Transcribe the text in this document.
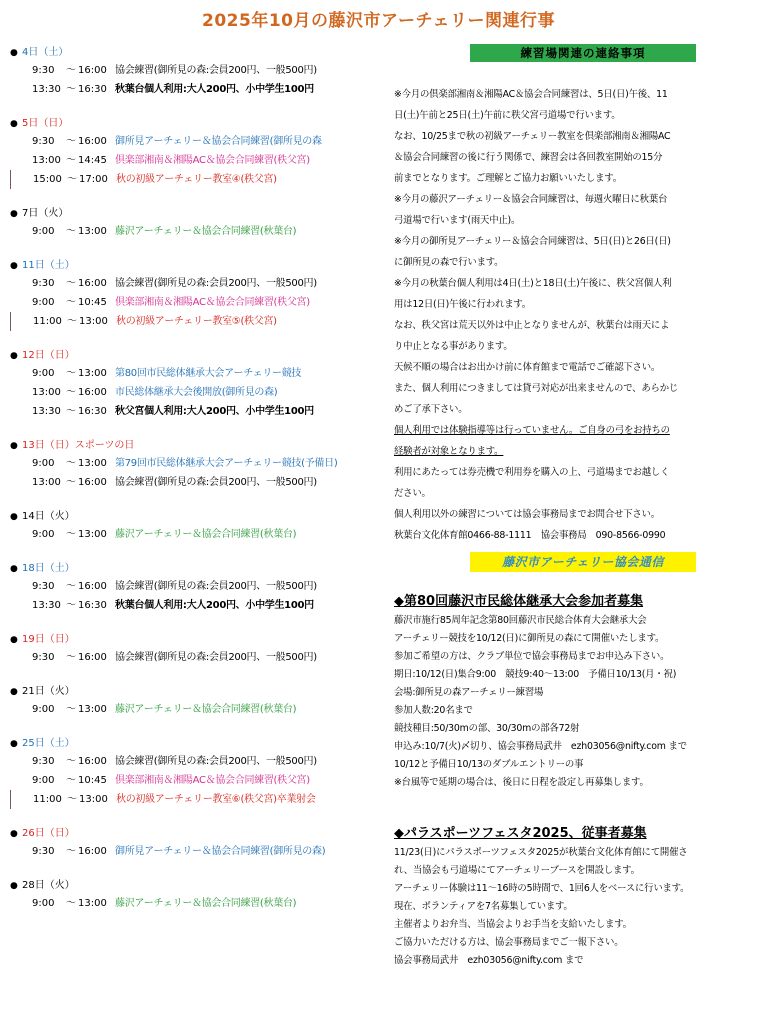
2025年10月の藤沢市アーチェリー関連行事
● 4日（土）
9:30 ～ 16:00 協会練習(御所見の森:会員200円、一般500円)
13:30 ～ 16:30 秋葉台個人利用:大人200円、小中学生100円
● 5日（日）
9:30 ～ 16:00 御所見アーチェリー＆協会合同練習(御所見の森
13:00 ～ 14:45 倶楽部湘南＆湘陽AC＆協会合同練習(秩父宮)
15:00 ～ 17:00 秋の初級アーチェリー教室④(秩父宮)
● 7日（火）
9:00 ～ 13:00 藤沢アーチェリー＆協会合同練習(秋葉台)
● 11日（土）
9:30 ～ 16:00 協会練習(御所見の森:会員200円、一般500円)
9:00 ～ 10:45 倶楽部湘南＆湘陽AC＆協会合同練習(秩父宮)
11:00 ～ 13:00 秋の初級アーチェリー教室⑤(秩父宮)
● 12日（日）
9:00 ～ 13:00 第80回市民総体継承大会アーチェリー競技
13:00 ～ 16:00 市民総体継承大会後開放(御所見の森)
13:30 ～ 16:30 秋父宮個人利用:大人200円、小中学生100円
● 13日（日）スポーツの日
9:00 ～ 13:00 第79回市民総体継承大会アーチェリー競技(予備日)
13:00 ～ 16:00 協会練習(御所見の森:会員200円、一般500円)
● 14日（火）
9:00 ～ 13:00 藤沢アーチェリー＆協会合同練習(秋葉台)
● 18日（土）
9:30 ～ 16:00 協会練習(御所見の森:会員200円、一般500円)
13:30 ～ 16:30 秋葉台個人利用:大人200円、小中学生100円
● 19日（日）
9:30 ～ 16:00 協会練習(御所見の森:会員200円、一般500円)
● 21日（火）
9:00 ～ 13:00 藤沢アーチェリー＆協会合同練習(秋葉台)
● 25日（土）
9:30 ～ 16:00 協会練習(御所見の森:会員200円、一般500円)
9:00 ～ 10:45 倶楽部湘南＆湘陽AC＆協会合同練習(秩父宮)
11:00 ～ 13:00 秋の初級アーチェリー教室⑥(秩父宮)卒業射会
● 26日（日）
9:30 ～ 16:00 御所見アーチェリー＆協会合同練習(御所見の森)
● 28日（火）
9:00 ～ 13:00 藤沢アーチェリー＆協会合同練習(秋葉台)
練習場関連の連絡事項
※今月の倶楽部湘南＆湘陽AC＆協会合同練習は、5日(日)午後、11
日(土)午前と25日(土)午前に秩父宮弓道場で行います。
なお、10/25まで秋の初級アーチェリー教室を倶楽部湘南＆湘陽AC
＆協会合同練習の後に行う関係で、練習会は各回教室開始の15分
前までとなります。ご理解とご協力お願いいたします。
※今月の藤沢アーチェリー＆協会合同練習は、毎週火曜日に秋葉台
弓道場で行います(雨天中止)。
※今月の御所見アーチェリー＆協会合同練習は、5日(日)と26日(日)
に御所見の森で行います。
※今月の秋葉台個人利用は4日(土)と18日(土)午後に、秩父宮個人利
用は12日(日)午後に行われます。
なお、秩父宮は荒天以外は中止となりませんが、秋葉台は雨天によ
り中止となる事があります。
天候不順の場合はお出かけ前に体育館まで電話でご確認下さい。
また、個人利用につきましては貸弓対応が出来ませんので、あらかじ
めご了承下さい。
個人利用では体験指導等は行っていません。ご自身の弓をお持ちの
経験者が対象となります。
利用にあたっては券売機で利用券を購入の上、弓道場までお越しく
ださい。
個人利用以外の練習については協会事務局までお問合せ下さい。
秋葉台文化体育館0466-88-1111　協会事務局　090-8566-0990
藤沢市アーチェリー協会通信
◆第80回藤沢市民総体継承大会参加者募集
藤沢市施行85周年記念第80回藤沢市民総合体育大会継承大会
アーチェリー競技を10/12(日)に御所見の森にて開催いたします。
参加ご希望の方は、クラブ単位で協会事務局までお申込み下さい。
期日:10/12(日)集合9:00　競技9:40～13:00　予備日10/13(月・祝)
会場:御所見の森アーチェリー練習場
参加人数:20名まで
競技種目:50/30mの部、30/30mの部各72射
申込み:10/7(火)〆切り、協会事務局武井　ezh03056@nifty.com まで
10/12と予備日10/13のダブルエントリーの事
※台風等で延期の場合は、後日に日程を設定し再募集します。
◆パラスポーツフェスタ2025、従事者募集
11/23(日)にパラスポーツフェスタ2025が秋葉台文化体育館にて開催さ
れ、当協会も弓道場にてアーチェリーブースを開設します。
アーチェリー体験は11～16時の5時間で、1回6人をベースに行います。
現在、ボランティアを7名募集しています。
主催者よりお弁当、当協会よりお手当を支給いたします。
ご協力いただける方は、協会事務局までご一報下さい。
協会事務局武井　ezh03056@nifty.com まで
